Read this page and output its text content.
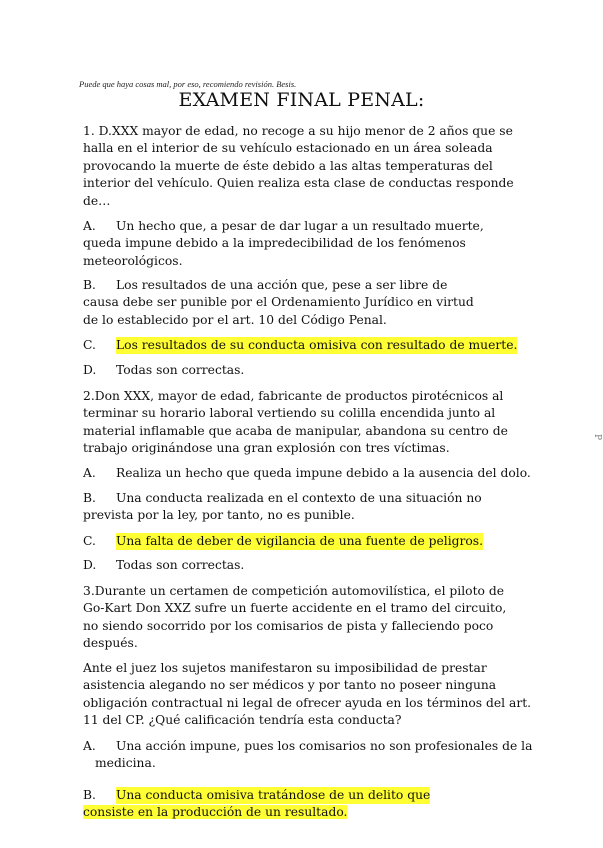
Puede que haya cosas mal, por eso, recomiendo revisión. Besis.
EXAMEN FINAL PENAL:
P

1. D.XXX mayor de edad, no recoge a su hijo menor de 2 años que se

halla en el interior de su vehículo estacionado en un área soleada

provocando la muerte de éste debido a las altas temperaturas del

interior del vehículo. Quien realiza esta clase de conductas responde

de…

A.	Un hecho que, a pesar de dar lugar a un resultado muerte,

queda impune debido a la impredecibilidad de los fenómenos

meteorológicos.

B.	Los resultados de una acción que, pese a ser libre de

causa debe ser punible por el Ordenamiento Jurídico en virtud

de lo establecido por el art. 10 del Código Penal.

C.	Los resultados de su conducta omisiva con resultado de muerte.
D.	Todas son correctas.

2.Don XXX, mayor de edad, fabricante de productos pirotécnicos al

terminar su horario laboral vertiendo su colilla encendida junto al

material inflamable que acaba de manipular, abandona su centro de

trabajo originándose una gran explosión con tres víctimas.

A.	Realiza un hecho que queda impune debido a la ausencia del dolo.
B.	Una conducta realizada en el contexto de una situación no

prevista por la ley, por tanto, no es punible.

C.	Una falta de deber de vigilancia de una fuente de peligros.
D.	Todas son correctas.

3.Durante un certamen de competición automovilística, el piloto de

Go-Kart Don XXZ sufre un fuerte accidente en el tramo del circuito,

no siendo socorrido por los comisarios de pista y falleciendo poco

después.

Ante el juez los sujetos manifestaron su imposibilidad de prestar

asistencia alegando no ser médicos y por tanto no poseer ninguna

obligación contractual ni legal de ofrecer ayuda en los términos del art.

11 del CP. ¿Qué calificación tendría esta conducta?

A.	Una acción impune, pues los comisarios no son profesionales de la

medicina.

B.	Una conducta omisiva tratándose de un delito que

consiste en la producción de un resultado.
